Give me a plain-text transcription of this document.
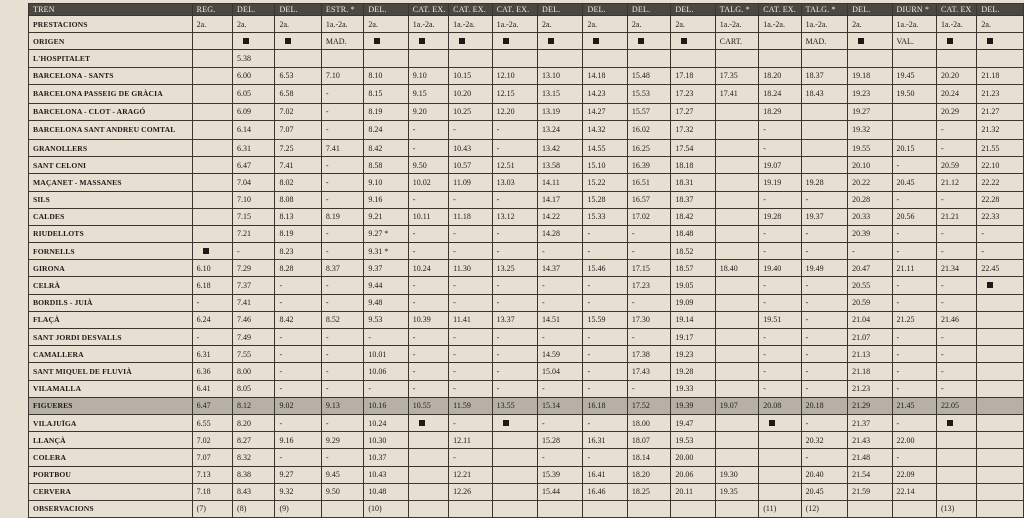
TREN	REG.	DEL.	DEL.	ESTR. *	DEL.	CAT. EX.	CAT. EX.	CAT. EX.	DEL.	DEL.	DEL.	DEL.	TALG. *	CAT. EX.	TALG. *	DEL.	DIURN *	CAT. EX	DEL.
PRESTACIONS	2a.	2a.	2a.	1a.-2a.	2a.	1a.-2a.	1a.-2a.	1a.-2a.	2a.	2a.	2a.	2a.	1a.-2a.	1a.-2a.	1a.-2a.	2a.	1a.-2a.	1a.-2a.	2a.
ORIGEN				MAD.									CART.		MAD.		VAL.		
L'HOSPITALET		5.38																	
BARCELONA - SANTS		6.00	6.53	7.10	8.10	9.10	10.15	12.10	13.10	14.18	15.48	17.18	17.35	18.20	18.37	19.18	19.45	20.20	21.18
BARCELONA PASSEIG DE GRÀCIA		6.05	6.58	-	8.15	9.15	10.20	12.15	13.15	14.23	15.53	17.23	17.41	18.24	18.43	19.23	19.50	20.24	21.23
BARCELONA - CLOT - ARAGÓ		6.09	7.02	-	8.19	9.20	10.25	12.20	13.19	14.27	15.57	17.27		18.29		19.27		20.29	21.27
BARCELONA SANT ANDREU COMTAL		6.14	7.07	-	8.24	-	-	-	13.24	14.32	16.02	17.32		-		19.32		-	21.32
GRANOLLERS		6.31	7.25	7.41	8.42	-	10.43	-	13.42	14.55	16.25	17.54		-		19.55	20.15	-	21.55
SANT CELONI		6.47	7.41	-	8.58	9.50	10.57	12.51	13.58	15.10	16.39	18.18		19.07		20.10	-	20.59	22.10
MAÇANET - MASSANES		7.04	8.02	-	9.10	10.02	11.09	13.03	14.11	15.22	16.51	18.31		19.19	19.28	20.22	20.45	21.12	22.22
SILS		7.10	8.08	-	9.16	-	-	-	14.17	15.28	16.57	18.37		-	-	20.28	-	-	22.28
CALDES		7.15	8.13	8.19	9.21	10.11	11.18	13.12	14.22	15.33	17.02	18.42		19.28	19.37	20.33	20.56	21.21	22.33
RIUDELLOTS		7.21	8.19	-	9.27 *	-	-	-	14.28	-	-	18.48		-	-	20.39	-	-	-
FORNELLS		-	8.23	-	9.31 *	-	-	-	-	-	-	18.52		-	-	-	-	-	-
GIRONA	6.10	7.29	8.28	8.37	9.37	10.24	11.30	13.25	14.37	15.46	17.15	18.57	18.40	19.40	19.49	20.47	21.11	21.34	22.45
CELRÀ	6.18	7.37	-	-	9.44	-	-	-	-	-	17.23	19.05		-	-	20.55	-	-	
BORDILS - JUIÀ	-	7.41	-	-	9.48	-	-	-	-	-	-	19.09		-	-	20.59	-	-	
FLAÇÀ	6.24	7.46	8.42	8.52	9.53	10.39	11.41	13.37	14.51	15.59	17.30	19.14		19.51	-	21.04	21.25	21.46	
SANT JORDI DESVALLS	-	7.49	-	-	-	-	-	-	-	-	-	19.17		-	-	21.07	-	-	
CAMALLERA	6.31	7.55	-	-	10.01	-	-	-	14.59	-	17.38	19.23		-	-	21.13	-	-	
SANT MIQUEL DE FLUVIÀ	6.36	8.00	-	-	10.06	-	-	-	15.04	-	17.43	19.28		-	-	21.18	-	-	
VILAMALLA	6.41	8.05	-	-	-	-	-	-	-	-	-	19.33		-	-	21.23	-	-	
FIGUERES	6.47	8.12	9.02	9.13	10.16	10.55	11.59	13.55	15.14	16.18	17.52	19.39	19.07	20.08	20.18	21.29	21.45	22.05	
VILAJUÏGA	6.55	8.20	-	-	10.24		-		-	-	18.00	19.47			-	21.37	-		
LLANÇÀ	7.02	8.27	9.16	9.29	10.30		12.11		15.28	16.31	18.07	19.53			20.32	21.43	22.00		
COLERA	7.07	8.32	-	-	10.37		-		-	-	18.14	20.00			-	21.48	-		
PORTBOU	7.13	8.38	9.27	9.45	10.43		12.21		15.39	16.41	18.20	20.06	19.30		20.40	21.54	22.09		
CERVERA	7.18	8.43	9.32	9.50	10.48		12.26		15.44	16.46	18.25	20.11	19.35		20.45	21.59	22.14		
OBSERVACIONS	(7)	(8)	(9)		(10)									(11)	(12)			(13)	
